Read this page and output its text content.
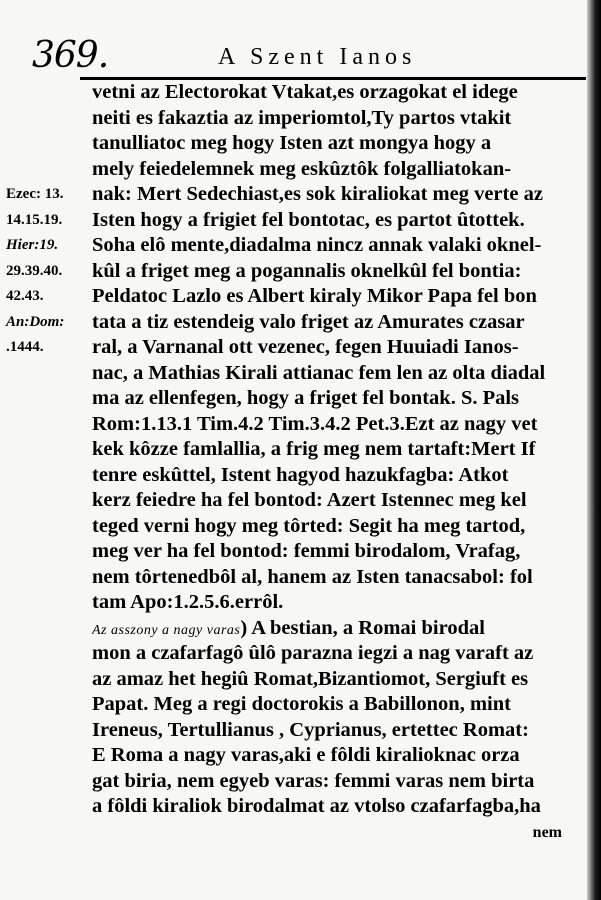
369.	A Szent Ianos
Ezec: 13.
14.15.19.
Hier:19.
29.39.40.
42.43.
An:Dom:
.1444.
vetni az Electorokat Vtakat,es orzagokat el idege
neiti es fakaztia az imperiomtol,Ty partos vtakit
tanulliatoc meg hogy Isten azt mongya hogy a
mely feiedelemnek meg eskûztôk folgalliatokan-
nak: Mert Sedechiast,es sok kiraliokat meg verte az
Isten hogy a frigiet fel bontotac, es partot ûtottek.
Soha elô mente,diadalma nincz annak valaki oknel-
kûl a friget meg a pogannalis oknelkûl fel bontia:
Peldatoc Lazlo es Albert kiraly Mikor Papa fel bon
tata a tiz estendeig valo friget az Amurates czasar
ral, a Varnanal ott vezenec, fegen Huuiadi Ianos-
nac, a Mathias Kirali attianac fem len az olta diadal
ma az ellenfegen, hogy a friget fel bontak. S. Pals
Rom:1.13.1 Tim.4.2 Tim.3.4.2 Pet.3.Ezt az nagy vet
kek kôzze famlallia, a frig meg nem tartaft:Mert If
tenre eskûttel, Istent hagyod hazukfagba: Atkot
kerz feiedre ha fel bontod: Azert Istennec meg kel
teged verni hogy meg tôrted: Segit ha meg tartod,
meg ver ha fel bontod: femmi birodalom, Vrafag,
nem tôrtenedbôl al, hanem az Isten tanacsabol: fol
tam Apo:1.2.5.6.errôl.
Az asszony a nagy varas) A bestian, a Romai birodal
mon a czafarfagô ûlô parazna iegzi a nag varaft az
az amaz het hegiû Romat,Bizantiomot, Sergiuft es
Papat. Meg a regi doctorokis a Babillonon, mint
Ireneus, Tertullianus , Cyprianus, ertettec Romat:
E Roma a nagy varas,aki e fôldi kiralioknac orza
gat biria, nem egyeb varas: femmi varas nem birta
a fôldi kiraliok birodalmat az vtolso czafarfagba,ha
nem
